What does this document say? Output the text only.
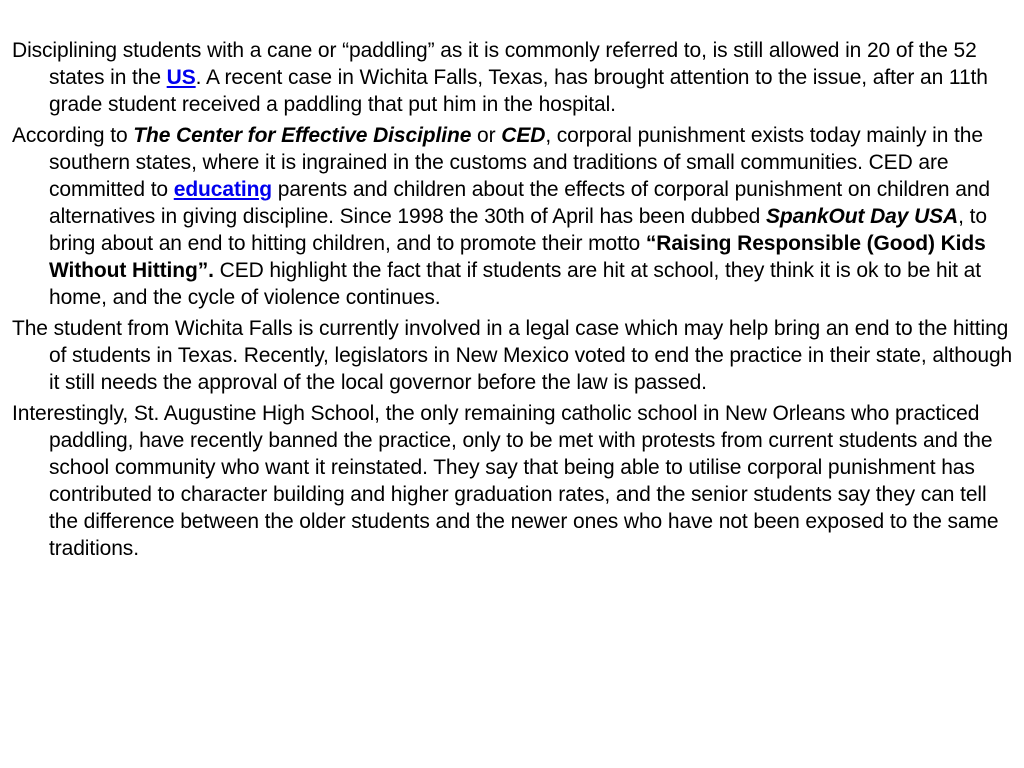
Disciplining students with a cane or “paddling” as it is commonly referred to, is still allowed in 20 of the 52 states in the US. A recent case in Wichita Falls, Texas, has brought attention to the issue, after an 11th grade student received a paddling that put him in the hospital.

According to The Center for Effective Discipline or CED, corporal punishment exists today mainly in the southern states, where it is ingrained in the customs and traditions of small communities. CED are committed to educating parents and children about the effects of corporal punishment on children and alternatives in giving discipline. Since 1998 the 30th of April has been dubbed SpankOut Day USA, to bring about an end to hitting children, and to promote their motto “Raising Responsible (Good) Kids Without Hitting”. CED highlight the fact that if students are hit at school, they think it is ok to be hit at home, and the cycle of violence continues.

The student from Wichita Falls is currently involved in a legal case which may help bring an end to the hitting of students in Texas. Recently, legislators in New Mexico voted to end the practice in their state, although it still needs the approval of the local governor before the law is passed.

Interestingly, St. Augustine High School, the only remaining catholic school in New Orleans who practiced paddling, have recently banned the practice, only to be met with protests from current students and the school community who want it reinstated. They say that being able to utilise corporal punishment has contributed to character building and higher graduation rates, and the senior students say they can tell the difference between the older students and the newer ones who have not been exposed to the same traditions.
